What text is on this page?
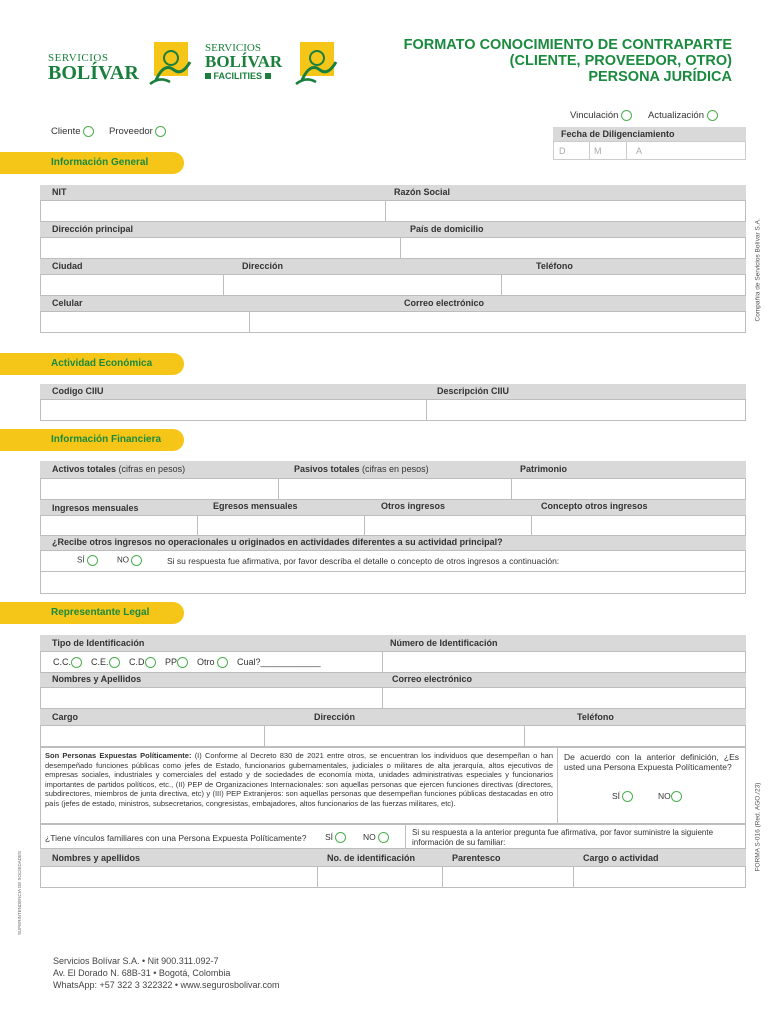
SERVICIOS
BOLÍVAR
SERVICIOS
BOLÍVAR
FACILITIES
FORMATO CONOCIMIENTO DE CONTRAPARTE
(CLIENTE, PROVEEDOR, OTRO)
PERSONA JURÍDICA
Vinculación	Actualización
Cliente	Proveedor	Fecha de Diligenciamiento
D	M	A
Información General
NIT	Razón Social
Dirección principal	País de domicilio
Ciudad	Dirección	Teléfono
Celular	Correo electrónico
Actividad Económica
Codigo CIIU	Descripción CIIU
Información Financiera
Activos totales (cifras en pesos)	Pasivos totales (cifras en pesos)	Patrimonio
Ingresos mensuales	Egresos mensuales	Otros ingresos	Concepto otros ingresos
¿Recibe otros ingresos no operacionales u originados en actividades diferentes a su actividad principal?
SÍ	NO	Si su respuesta fue afirmativa, por favor describa el detalle o concepto de otros ingresos a continuación:
Representante Legal
Tipo de Identificación	Número de Identificación
C.C.	C.E.	C.D	PP	Otro	Cual?____________
Nombres y Apellidos	Correo electrónico
Cargo	Dirección	Teléfono

Son Personas Expuestas Políticamente: (I) Conforme al Decreto 830 de 2021 entre otros, se encuentran los individuos que desempeñan o han desempeñado funciones públicas como jefes de Estado, funcionarios gubernamentales, judiciales o militares de alta jerarquía, altos ejecutivos de empresas sociales, industriales y comerciales del estado y de sociedades de economía mixta, unidades administrativas especiales y funcionarios importantes de partidos políticos, etc., (II) PEP de Organizaciones Internacionales: son aquellas personas que ejercen funciones directivas (directores, subdirectores, miembros de junta directiva, etc) y (III) PEP Extranjeros: son aquellas personas que desempeñan funciones públicas destacadas en otro país (jefes de estado, ministros, subsecretarios, congresistas, embajadores, altos funcionarios de las fuerzas militares, etc).

De acuerdo con la anterior definición, ¿Es usted una Persona Expuesta Políticamente?

SÍ	NO
¿Tiene vínculos familiares con una Persona Expuesta Políticamente? SÍ	NO	Si su respuesta a la anterior pregunta fue afirmativa, por favor suministre la siguiente información de su familiar:

Nombres y apellidos	No. de identificación	Parentesco	Cargo o actividad
Compañía de Servicios Bolívar S.A.
FORMA S-016 (Red. AGO./23)
SUPERINTENDENCIA DE SOCIEDADES
Servicios Bolívar S.A. • Nit 900.311.092-7
Av. El Dorado N. 68B-31 • Bogotá, Colombia
WhatsApp: +57 322 3 322322 • www.segurosbolivar.com
